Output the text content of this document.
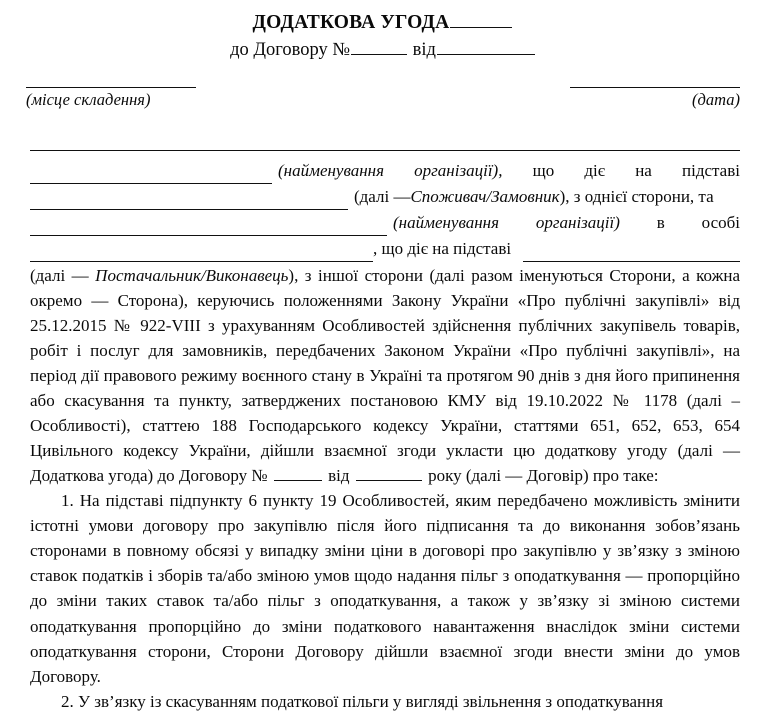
ДОДАТКОВА УГОДА
до Договору №	від
(місце складення)	(дата)
(найменування організації), що діє на підставі
(далі — Споживач/Замовник ), з однієї сторони, та
(найменування організації) в особі
, що діє на підставі

(далі — Постачальник/Виконавець), з іншої сторони (далі разом іменуються Сторони, а кожна окремо — Сторона), керуючись положеннями Закону України «Про публічні закупівлі» від 25.12.2015 № 922-VIII з урахуванням Особливостей здійснення публічних закупівель товарів, робіт і послуг для замовників, передбачених Законом України «Про публічні закупівлі», на період дії правового режиму воєнного стану в Україні та протягом 90 днів з дня його припинення або скасування та пункту, затверджених постановою КМУ від 19.10.2022 № 1178 (далі – Особливості), статтею 188 Господарського кодексу України, статтями 651, 652, 653, 654 Цивільного кодексу України, дійшли взаємної згоди укласти цю додаткову угоду (далі — Додаткова угода) до Договору №	від	року (далі — Договір) про таке:

1. На підставі підпункту 6 пункту 19 Особливостей, яким передбачено можливість змінити істотні умови договору про закупівлю після його підписання та до виконання зобов’язань сторонами в повному обсязі у випадку зміни ціни в договорі про закупівлю у зв’язку з зміною ставок податків і зборів та/або зміною умов щодо надання пільг з оподаткування — пропорційно до зміни таких ставок та/або пільг з оподаткування, а також у зв’язку зі зміною системи оподаткування пропорційно до зміни податкового навантаження внаслідок зміни системи оподаткування сторони, Сторони Договору дійшли взаємної згоди внести зміни до умов Договору.

2. У зв’язку із скасуванням податкової пільги у вигляді звільнення з оподаткування
